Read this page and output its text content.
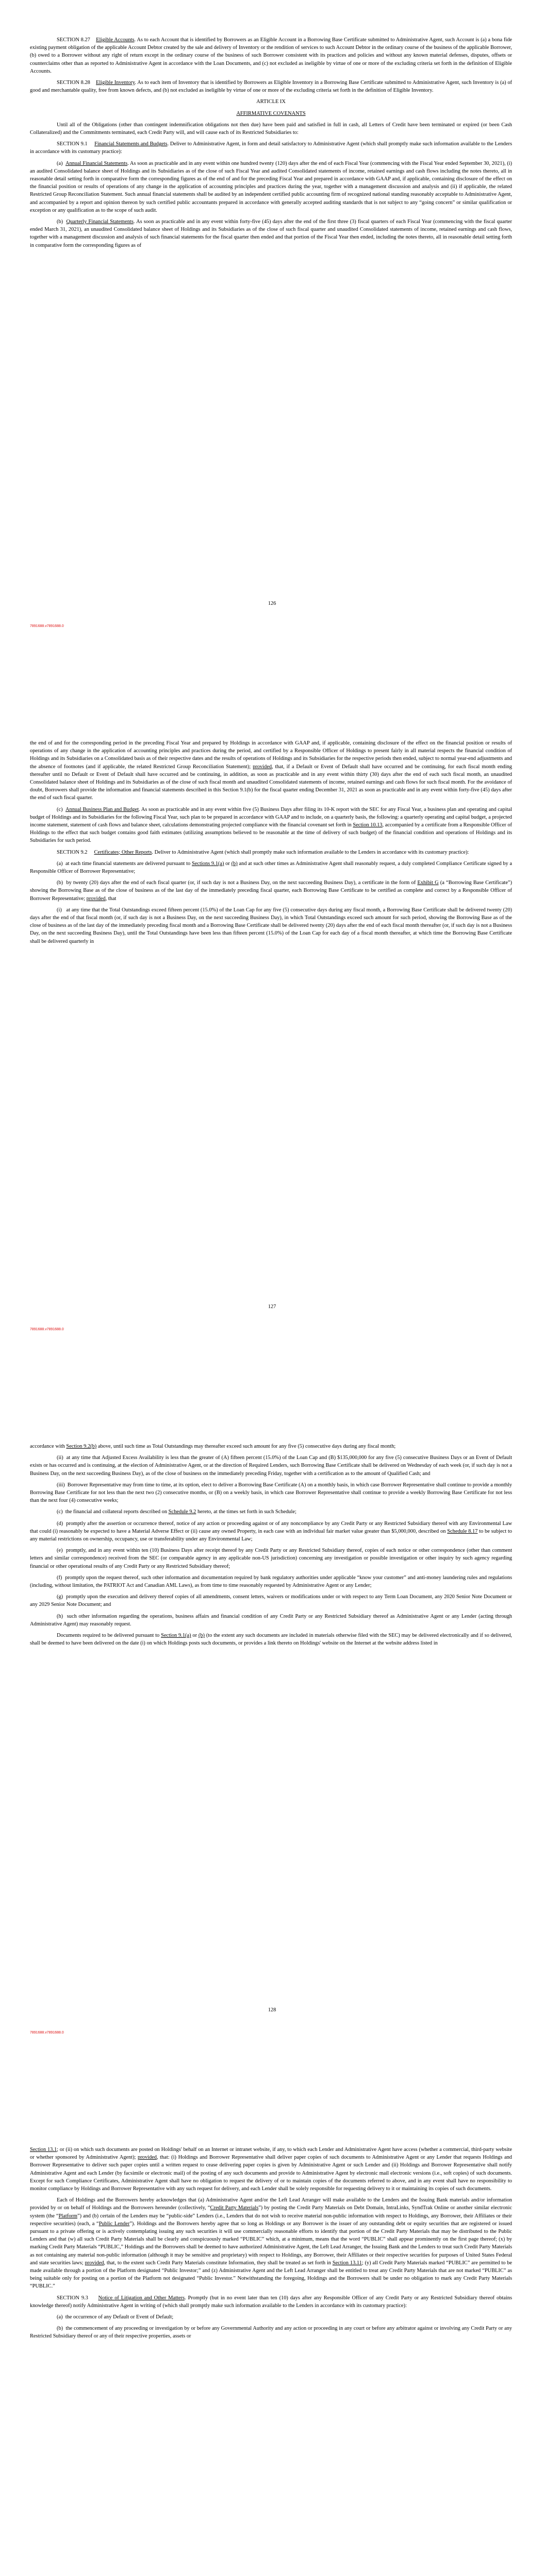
SECTION 8.27    Eligible Accounts. As to each Account that is identified by Borrowers as an Eligible Account in a Borrowing Base Certificate submitted to Administrative Agent, such Account is (a) a bona fide existing payment obligation of the applicable Account Debtor created by the sale and delivery of Inventory or the rendition of services to such Account Debtor in the ordinary course of the business of the applicable Borrower, (b) owed to a Borrower without any right of return except in the ordinary course of the business of such Borrower consistent with its practices and policies and without any known material defenses, disputes, offsets or counterclaims other than as reported to Administrative Agent in accordance with the Loan Documents, and (c) not excluded as ineligible by virtue of one or more of the excluding criteria set forth in the definition of Eligible Accounts.

SECTION 8.28    Eligible Inventory. As to each item of Inventory that is identified by Borrowers as Eligible Inventory in a Borrowing Base Certificate submitted to Administrative Agent, such Inventory is (a) of good and merchantable quality, free from known defects, and (b) not excluded as ineligible by virtue of one or more of the excluding criteria set forth in the definition of Eligible Inventory.

ARTICLE IX

AFFIRMATIVE COVENANTS

Until all of the Obligations (other than contingent indemnification obligations not then due) have been paid and satisfied in full in cash, all Letters of Credit have been terminated or expired (or been Cash Collateralized) and the Commitments terminated, each Credit Party will, and will cause each of its Restricted Subsidiaries to:

SECTION 9.1     Financial Statements and Budgets. Deliver to Administrative Agent, in form and detail satisfactory to Administrative Agent (which shall promptly make such information available to the Lenders in accordance with its customary practice):

(a)  Annual Financial Statements. As soon as practicable and in any event within one hundred twenty (120) days after the end of each Fiscal Year (commencing with the Fiscal Year ended September 30, 2021), (i) an audited Consolidated balance sheet of Holdings and its Subsidiaries as of the close of such Fiscal Year and audited Consolidated statements of income, retained earnings and cash flows including the notes thereto, all in reasonable detail setting forth in comparative form the corresponding figures as of the end of and for the preceding Fiscal Year and prepared in accordance with GAAP and, if applicable, containing disclosure of the effect on the financial position or results of operations of any change in the application of accounting principles and practices during the year, together with a management discussion and analysis and (ii) if applicable, the related Restricted Group Reconciliation Statement. Such annual financial statements shall be audited by an independent certified public accounting firm of recognized national standing reasonably acceptable to Administrative Agent, and accompanied by a report and opinion thereon by such certified public accountants prepared in accordance with generally accepted auditing standards that is not subject to any “going concern” or similar qualification or exception or any qualification as to the scope of such audit.

(b)  Quarterly Financial Statements. As soon as practicable and in any event within forty-five (45) days after the end of the first three (3) fiscal quarters of each Fiscal Year (commencing with the fiscal quarter ended March 31, 2021), an unaudited Consolidated balance sheet of Holdings and its Subsidiaries as of the close of such fiscal quarter and unaudited Consolidated statements of income, retained earnings and cash flows, together with a management discussion and analysis of such financial statements for the fiscal quarter then ended and that portion of the Fiscal Year then ended, including the notes thereto, all in reasonable detail setting forth in comparative form the corresponding figures as of

126
7891688.v7891688.0

the end of and for the corresponding period in the preceding Fiscal Year and prepared by Holdings in accordance with GAAP and, if applicable, containing disclosure of the effect on the financial position or results of operations of any change in the application of accounting principles and practices during the period, and certified by a Responsible Officer of Holdings to present fairly in all material respects the financial condition of Holdings and its Subsidiaries on a Consolidated basis as of their respective dates and the results of operations of Holdings and its Subsidiaries for the respective periods then ended, subject to normal year-end adjustments and the absence of footnotes (and if applicable, the related Restricted Group Reconciliation Statement); provided, that, if a Default or Event of Default shall have occurred and be continuing, for each fiscal month ending thereafter until no Default or Event of Default shall have occurred and be continuing, in addition, as soon as practicable and in any event within thirty (30) days after the end of each such fiscal month, an unaudited Consolidated balance sheet of Holdings and its Subsidiaries as of the close of such fiscal month and unaudited Consolidated statements of income, retained earnings and cash flows for such fiscal month. For the avoidance of doubt, Borrowers shall provide the information and financial statements described in this Section 9.1(b) for the fiscal quarter ending December 31, 2021 as soon as practicable and in any event within forty-five (45) days after the end of such fiscal quarter.

(c)  Annual Business Plan and Budget. As soon as practicable and in any event within five (5) Business Days after filing its 10-K report with the SEC for any Fiscal Year, a business plan and operating and capital budget of Holdings and its Subsidiaries for the following Fiscal Year, such plan to be prepared in accordance with GAAP and to include, on a quarterly basis, the following: a quarterly operating and capital budget, a projected income statement, statement of cash flows and balance sheet, calculations demonstrating projected compliance with the financial covenant set forth in Section 10.13, accompanied by a certificate from a Responsible Officer of Holdings to the effect that such budget contains good faith estimates (utilizing assumptions believed to be reasonable at the time of delivery of such budget) of the financial condition and operations of Holdings and its Subsidiaries for such period.

SECTION 9.2     Certificates; Other Reports. Deliver to Administrative Agent (which shall promptly make such information available to the Lenders in accordance with its customary practice):

(a)  at each time financial statements are delivered pursuant to Sections 9.1(a) or (b) and at such other times as Administrative Agent shall reasonably request, a duly completed Compliance Certificate signed by a Responsible Officer of Borrower Representative;

(b)  by twenty (20) days after the end of each fiscal quarter (or, if such day is not a Business Day, on the next succeeding Business Day), a certificate in the form of Exhibit G (a “Borrowing Base Certificate”) showing the Borrowing Base as of the close of business as of the last day of the immediately preceding fiscal quarter, each Borrowing Base Certificate to be certified as complete and correct by a Responsible Officer of Borrower Representative; provided, that

(i)   at any time that the Total Outstandings exceed fifteen percent (15.0%) of the Loan Cap for any five (5) consecutive days during any fiscal month, a Borrowing Base Certificate shall be delivered twenty (20) days after the end of that fiscal month (or, if such day is not a Business Day, on the next succeeding Business Day), in which Total Outstandings exceed such amount for such period, showing the Borrowing Base as of the close of business as of the last day of the immediately preceding fiscal month and a Borrowing Base Certificate shall be delivered twenty (20) days after the end of each fiscal month thereafter (or, if such day is not a Business Day, on the next succeeding Business Day), until the Total Outstandings have been less than fifteen percent (15.0%) of the Loan Cap for each day of a fiscal month thereafter, at which time the Borrowing Base Certificate shall be delivered quarterly in

127
7891688.v7891688.0

accordance with Section 9.2(b) above, until such time as Total Outstandings may thereafter exceed such amount for any five (5) consecutive days during any fiscal month;

(ii)  at any time that Adjusted Excess Availability is less than the greater of (A) fifteen percent (15.0%) of the Loan Cap and (B) $135,000,000 for any five (5) consecutive Business Days or an Event of Default exists or has occurred and is continuing, at the election of Administrative Agent, or at the direction of Required Lenders, such Borrowing Base Certificate shall be delivered on Wednesday of each week (or, if such day is not a Business Day, on the next succeeding Business Day), as of the close of business on the immediately preceding Friday, together with a certification as to the amount of Qualified Cash; and

(iii)  Borrower Representative may from time to time, at its option, elect to deliver a Borrowing Base Certificate (A) on a monthly basis, in which case Borrower Representative shall continue to provide a monthly Borrowing Base Certificate for not less than the next two (2) consecutive months, or (B) on a weekly basis, in which case Borrower Representative shall continue to provide a weekly Borrowing Base Certificate for not less than the next four (4) consecutive weeks;

(c)  the financial and collateral reports described on Schedule 9.2 hereto, at the times set forth in such Schedule;

(d)  promptly after the assertion or occurrence thereof, notice of any action or proceeding against or of any noncompliance by any Credit Party or any Restricted Subsidiary thereof with any Environmental Law that could (i) reasonably be expected to have a Material Adverse Effect or (ii) cause any owned Property, in each case with an individual fair market value greater than $5,000,000, described on Schedule 8.17 to be subject to any material restrictions on ownership, occupancy, use or transferability under any Environmental Law;

(e)  promptly, and in any event within ten (10) Business Days after receipt thereof by any Credit Party or any Restricted Subsidiary thereof, copies of each notice or other correspondence (other than comment letters and similar correspondence) received from the SEC (or comparable agency in any applicable non-US jurisdiction) concerning any investigation or possible investigation or other inquiry by such agency regarding financial or other operational results of any Credit Party or any Restricted Subsidiary thereof;

(f)  promptly upon the request thereof, such other information and documentation required by bank regulatory authorities under applicable “know your customer” and anti-money laundering rules and regulations (including, without limitation, the PATRIOT Act and Canadian AML Laws), as from time to time reasonably requested by Administrative Agent or any Lender;

(g)  promptly upon the execution and delivery thereof copies of all amendments, consent letters, waivers or modifications under or with respect to any Term Loan Document, any 2020 Senior Note Document or any 2029 Senior Note Document; and

(h)  such other information regarding the operations, business affairs and financial condition of any Credit Party or any Restricted Subsidiary thereof as Administrative Agent or any Lender (acting through Administrative Agent) may reasonably request.

Documents required to be delivered pursuant to Section 9.1(a) or (b) (to the extent any such documents are included in materials otherwise filed with the SEC) may be delivered electronically and if so delivered, shall be deemed to have been delivered on the date (i) on which Holdings posts such documents, or provides a link thereto on Holdings' website on the Internet at the website address listed in

128
7891688.v7891688.0

Section 13.1; or (ii) on which such documents are posted on Holdings' behalf on an Internet or intranet website, if any, to which each Lender and Administrative Agent have access (whether a commercial, third-party website or whether sponsored by Administrative Agent); provided, that: (i) Holdings and Borrower Representative shall deliver paper copies of such documents to Administrative Agent or any Lender that requests Holdings and Borrower Representative to deliver such paper copies until a written request to cease delivering paper copies is given by Administrative Agent or such Lender and (ii) Holdings and Borrower Representative shall notify Administrative Agent and each Lender (by facsimile or electronic mail) of the posting of any such documents and provide to Administrative Agent by electronic mail electronic versions (i.e., soft copies) of such documents. Except for such Compliance Certificates, Administrative Agent shall have no obligation to request the delivery of or to maintain copies of the documents referred to above, and in any event shall have no responsibility to monitor compliance by Holdings and Borrower Representative with any such request for delivery, and each Lender shall be solely responsible for requesting delivery to it or maintaining its copies of such documents.

Each of Holdings and the Borrowers hereby acknowledges that (a) Administrative Agent and/or the Left Lead Arranger will make available to the Lenders and the Issuing Bank materials and/or information provided by or on behalf of Holdings and the Borrowers hereunder (collectively, “Credit Party Materials”) by posting the Credit Party Materials on Debt Domain, IntraLinks, SyndTrak Online or another similar electronic system (the “Platform”) and (b) certain of the Lenders may be “public-side” Lenders (i.e., Lenders that do not wish to receive material non-public information with respect to Holdings, any Borrower, their Affiliates or their respective securities) (each, a “Public Lender”). Holdings and the Borrowers hereby agree that so long as Holdings or any Borrower is the issuer of any outstanding debt or equity securities that are registered or issued pursuant to a private offering or is actively contemplating issuing any such securities it will use commercially reasonable efforts to identify that portion of the Credit Party Materials that may be distributed to the Public Lenders and that (w) all such Credit Party Materials shall be clearly and conspicuously marked “PUBLIC” which, at a minimum, means that the word “PUBLIC” shall appear prominently on the first page thereof; (x) by marking Credit Party Materials “PUBLIC,” Holdings and the Borrowers shall be deemed to have authorized Administrative Agent, the Left Lead Arranger, the Issuing Bank and the Lenders to treat such Credit Party Materials as not containing any material non-public information (although it may be sensitive and proprietary) with respect to Holdings, any Borrower, their Affiliates or their respective securities for purposes of United States Federal and state securities laws; provided, that, to the extent such Credit Party Materials constitute Information, they shall be treated as set forth in Section 13.11; (y) all Credit Party Materials marked “PUBLIC” are permitted to be made available through a portion of the Platform designated “Public Investor;” and (z) Administrative Agent and the Left Lead Arranger shall be entitled to treat any Credit Party Materials that are not marked “PUBLIC” as being suitable only for posting on a portion of the Platform not designated “Public Investor.” Notwithstanding the foregoing, Holdings and the Borrowers shall be under no obligation to mark any Credit Party Materials “PUBLIC.”

SECTION 9.3     Notice of Litigation and Other Matters. Promptly (but in no event later than ten (10) days after any Responsible Officer of any Credit Party or any Restricted Subsidiary thereof obtains knowledge thereof) notify Administrative Agent in writing of (which shall promptly make such information available to the Lenders in accordance with its customary practice):

(a)  the occurrence of any Default or Event of Default;

(b)  the commencement of any proceeding or investigation by or before any Governmental Authority and any action or proceeding in any court or before any arbitrator against or involving any Credit Party or any Restricted Subsidiary thereof or any of their respective properties, assets or
